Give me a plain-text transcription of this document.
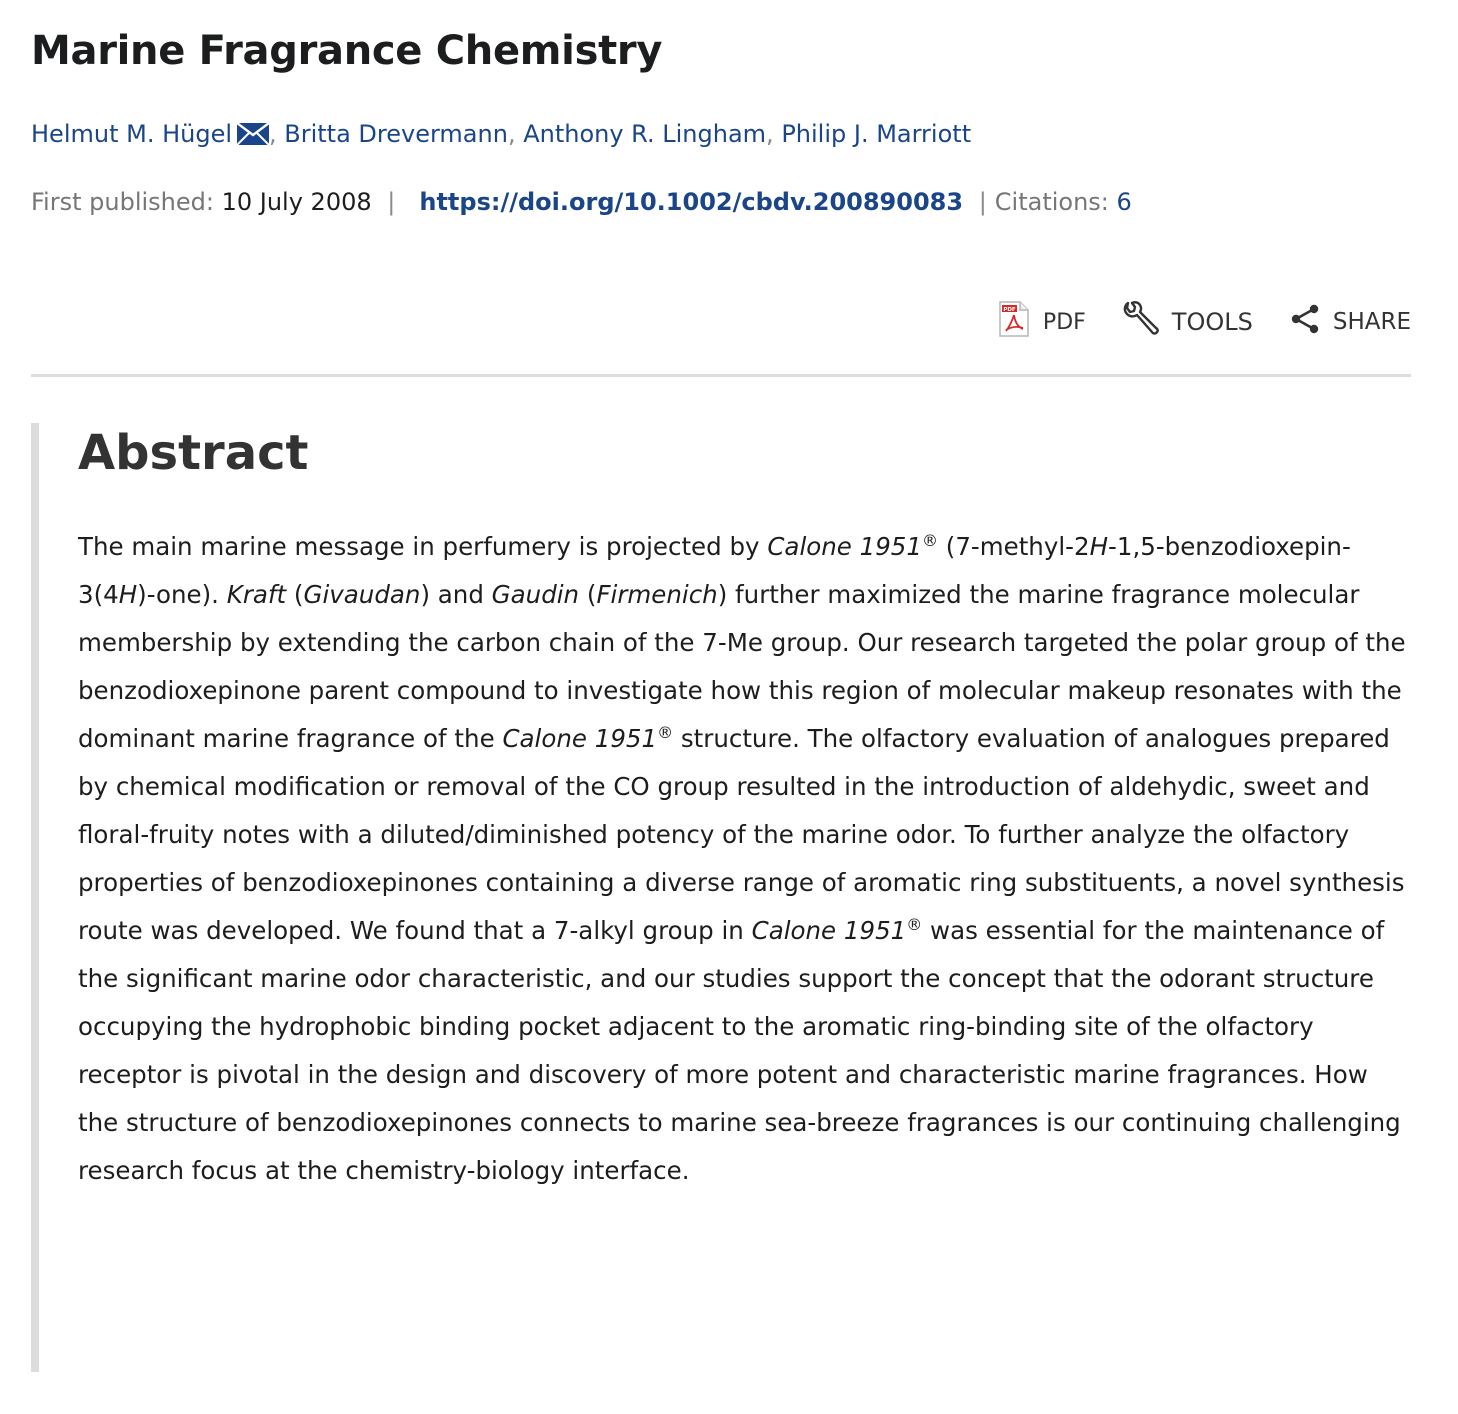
Marine Fragrance Chemistry
Helmut M. Hügel , Britta Drevermann, Anthony R. Lingham, Philip J. Marriott
First published: 10 July 2008 | https://doi.org/10.1002/cbdv.200890083 | Citations: 6
PDF PDF	TOOLS	SHARE
Abstract

The main marine message in perfumery is projected by Calone 1951® (7-methyl-2H-1,5-benzodioxepin-3(4H)-one). Kraft (Givaudan) and Gaudin (Firmenich) further maximized the marine fragrance molecular membership by extending the carbon chain of the 7-Me group. Our research targeted the polar group of the benzodioxepinone parent compound to investigate how this region of molecular makeup resonates with the dominant marine fragrance of the Calone 1951® structure. The olfactory evaluation of analogues prepared by chemical modification or removal of the CO group resulted in the introduction of aldehydic, sweet and floral-fruity notes with a diluted/diminished potency of the marine odor. To further analyze the olfactory properties of benzodioxepinones containing a diverse range of aromatic ring substituents, a novel synthesis route was developed. We found that a 7-alkyl group in Calone 1951® was essential for the maintenance of the significant marine odor characteristic, and our studies support the concept that the odorant structure occupying the hydrophobic binding pocket adjacent to the aromatic ring-binding site of the olfactory receptor is pivotal in the design and discovery of more potent and characteristic marine fragrances. How the structure of benzodioxepinones connects to marine sea-breeze fragrances is our continuing challenging research focus at the chemistry-biology interface.
